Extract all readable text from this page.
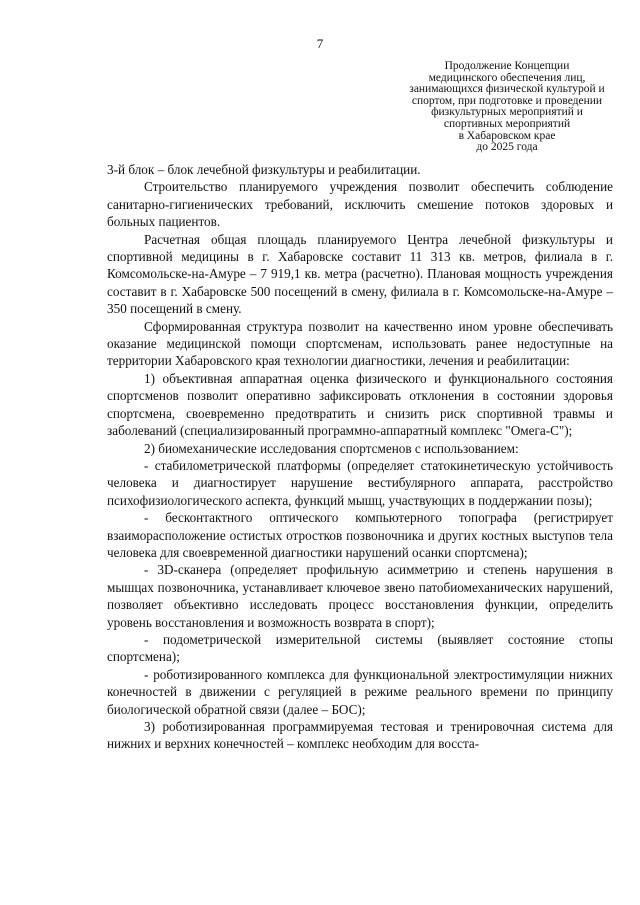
7
Продолжение Концепции
медицинского обеспечения лиц,
занимающихся физической культурой и
спортом, при подготовке и проведении
физкультурных мероприятий и
спортивных мероприятий
в Хабаровском крае
до 2025 года

3-й блок – блок лечебной физкультуры и реабилитации.

Строительство планируемого учреждения позволит обеспечить соблюдение санитарно-гигиенических требований, исключить смешение потоков здоровых и больных пациентов.

Расчетная общая площадь планируемого Центра лечебной физкультуры и спортивной медицины в г. Хабаровске составит 11 313 кв. метров, филиала в г. Комсомольске-на-Амуре – 7 919,1 кв. метра (расчетно). Плановая мощность учреждения составит в г. Хабаровске 500 посещений в смену, филиала в г. Комсомольске-на-Амуре – 350 посещений в смену.

Сформированная структура позволит на качественно ином уровне обеспечивать оказание медицинской помощи спортсменам, использовать ранее недоступные на территории Хабаровского края технологии диагностики, лечения и реабилитации:

1) объективная аппаратная оценка физического и функционального состояния спортсменов позволит оперативно зафиксировать отклонения в состоянии здоровья спортсмена, своевременно предотвратить и снизить риск спортивной травмы и заболеваний (специализированный программно-аппаратный комплекс "Омега-С");

2) биомеханические исследования спортсменов с использованием:

- стабилометрической платформы (определяет статокинетическую устойчивость человека и диагностирует нарушение вестибулярного аппарата, расстройство психофизиологического аспекта, функций мышц, участвующих в поддержании позы);

- бесконтактного оптического компьютерного топографа (регистрирует взаиморасположение остистых отростков позвоночника и других костных выступов тела человека для своевременной диагностики нарушений осанки спортсмена);

- 3D-сканера (определяет профильную асимметрию и степень нарушения в мышцах позвоночника, устанавливает ключевое звено патобиомеханических нарушений, позволяет объективно исследовать процесс восстановления функции, определить уровень восстановления и возможность возврата в спорт);

- подометрической измерительной системы (выявляет состояние стопы спортсмена);

- роботизированного комплекса для функциональной электростимуляции нижних конечностей в движении с регуляцией в режиме реального времени по принципу биологической обратной связи (далее – БОС);

3) роботизированная программируемая тестовая и тренировочная система для нижних и верхних конечностей – комплекс необходим для восста-
